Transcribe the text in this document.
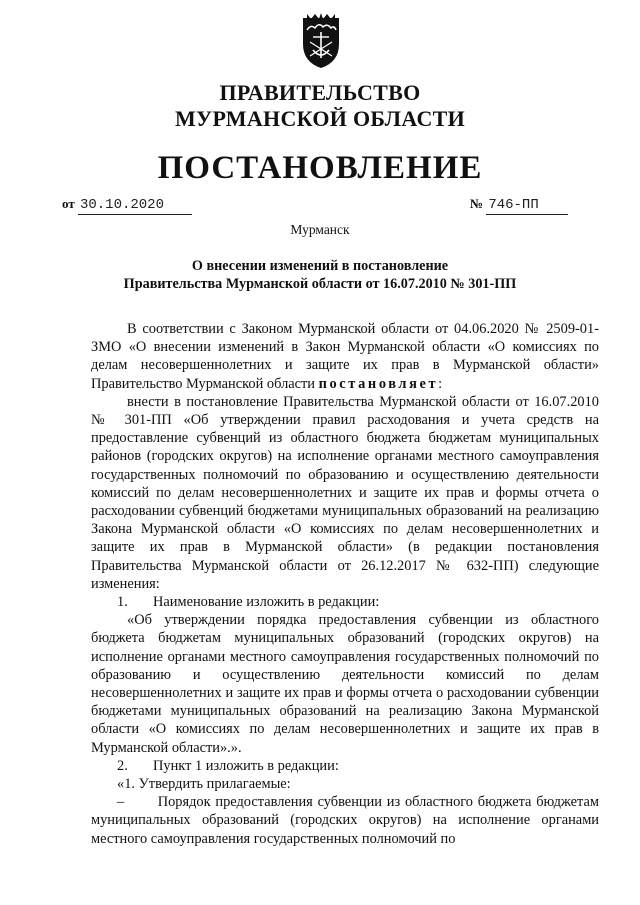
ПРАВИТЕЛЬСТВО
МУРМАНСКОЙ ОБЛАСТИ
ПОСТАНОВЛЕНИЕ
от 30.10.2020	№ 746-ПП
Мурманск
О внесении изменений в постановление
Правительства Мурманской области от 16.07.2010 № 301-ПП

В соответствии с Законом Мурманской области от 04.06.2020 № 2509-01-ЗМО «О внесении изменений в Закон Мурманской области «О комиссиях по делам несовершеннолетних и защите их прав в Мурманской области» Правительство Мурманской области постановляет:

внести в постановление Правительства Мурманской области от 16.07.2010 № 301-ПП «Об утверждении правил расходования и учета средств на предоставление субвенций из областного бюджета бюджетам муниципальных районов (городских округов) на исполнение органами местного самоуправления государственных полномочий по образованию и осуществлению деятельности комиссий по делам несовершеннолетних и защите их прав и формы отчета о расходовании субвенций бюджетами муниципальных образований на реализацию Закона Мурманской области «О комиссиях по делам несовершеннолетних и защите их прав в Мурманской области» (в редакции постановления Правительства Мурманской области от 26.12.2017 № 632-ПП) следующие изменения:

1.       Наименование изложить в редакции:

«Об утверждении порядка предоставления субвенции из областного бюджета бюджетам муниципальных образований (городских округов) на исполнение органами местного самоуправления государственных полномочий по образованию и осуществлению деятельности комиссий по делам несовершеннолетних и защите их прав и формы отчета о расходовании субвенции бюджетами муниципальных образований на реализацию Закона Мурманской области «О комиссиях по делам несовершеннолетних и защите их прав в Мурманской области».».

2.       Пункт 1 изложить в редакции:

«1. Утвердить прилагаемые:

–       Порядок предоставления субвенции из областного бюджета бюджетам муниципальных образований (городских округов) на исполнение органами местного самоуправления государственных полномочий по
